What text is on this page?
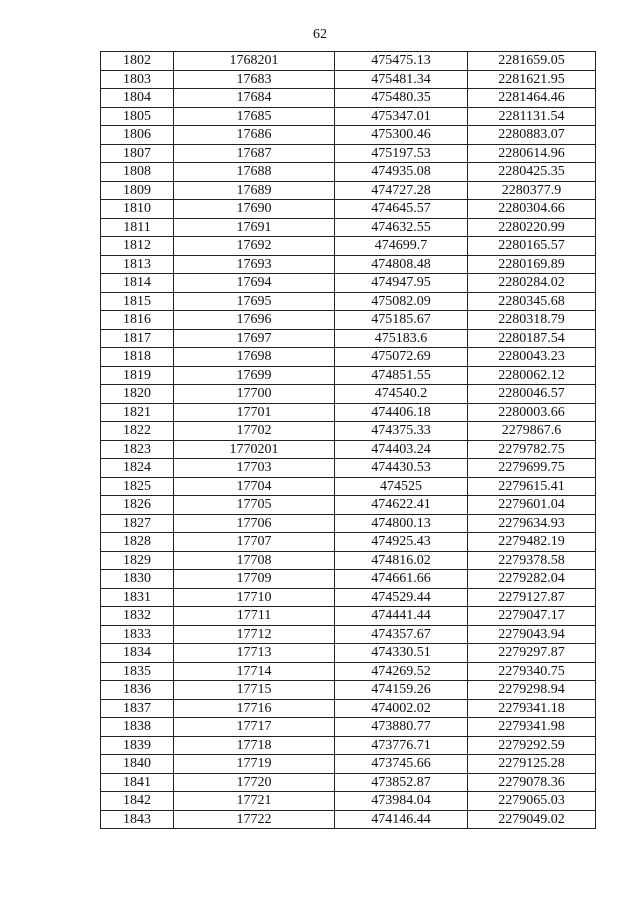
62
1802	1768201	475475.13	2281659.05
1803	17683	475481.34	2281621.95
1804	17684	475480.35	2281464.46
1805	17685	475347.01	2281131.54
1806	17686	475300.46	2280883.07
1807	17687	475197.53	2280614.96
1808	17688	474935.08	2280425.35
1809	17689	474727.28	2280377.9
1810	17690	474645.57	2280304.66
1811	17691	474632.55	2280220.99
1812	17692	474699.7	2280165.57
1813	17693	474808.48	2280169.89
1814	17694	474947.95	2280284.02
1815	17695	475082.09	2280345.68
1816	17696	475185.67	2280318.79
1817	17697	475183.6	2280187.54
1818	17698	475072.69	2280043.23
1819	17699	474851.55	2280062.12
1820	17700	474540.2	2280046.57
1821	17701	474406.18	2280003.66
1822	17702	474375.33	2279867.6
1823	1770201	474403.24	2279782.75
1824	17703	474430.53	2279699.75
1825	17704	474525	2279615.41
1826	17705	474622.41	2279601.04
1827	17706	474800.13	2279634.93
1828	17707	474925.43	2279482.19
1829	17708	474816.02	2279378.58
1830	17709	474661.66	2279282.04
1831	17710	474529.44	2279127.87
1832	17711	474441.44	2279047.17
1833	17712	474357.67	2279043.94
1834	17713	474330.51	2279297.87
1835	17714	474269.52	2279340.75
1836	17715	474159.26	2279298.94
1837	17716	474002.02	2279341.18
1838	17717	473880.77	2279341.98
1839	17718	473776.71	2279292.59
1840	17719	473745.66	2279125.28
1841	17720	473852.87	2279078.36
1842	17721	473984.04	2279065.03
1843	17722	474146.44	2279049.02
